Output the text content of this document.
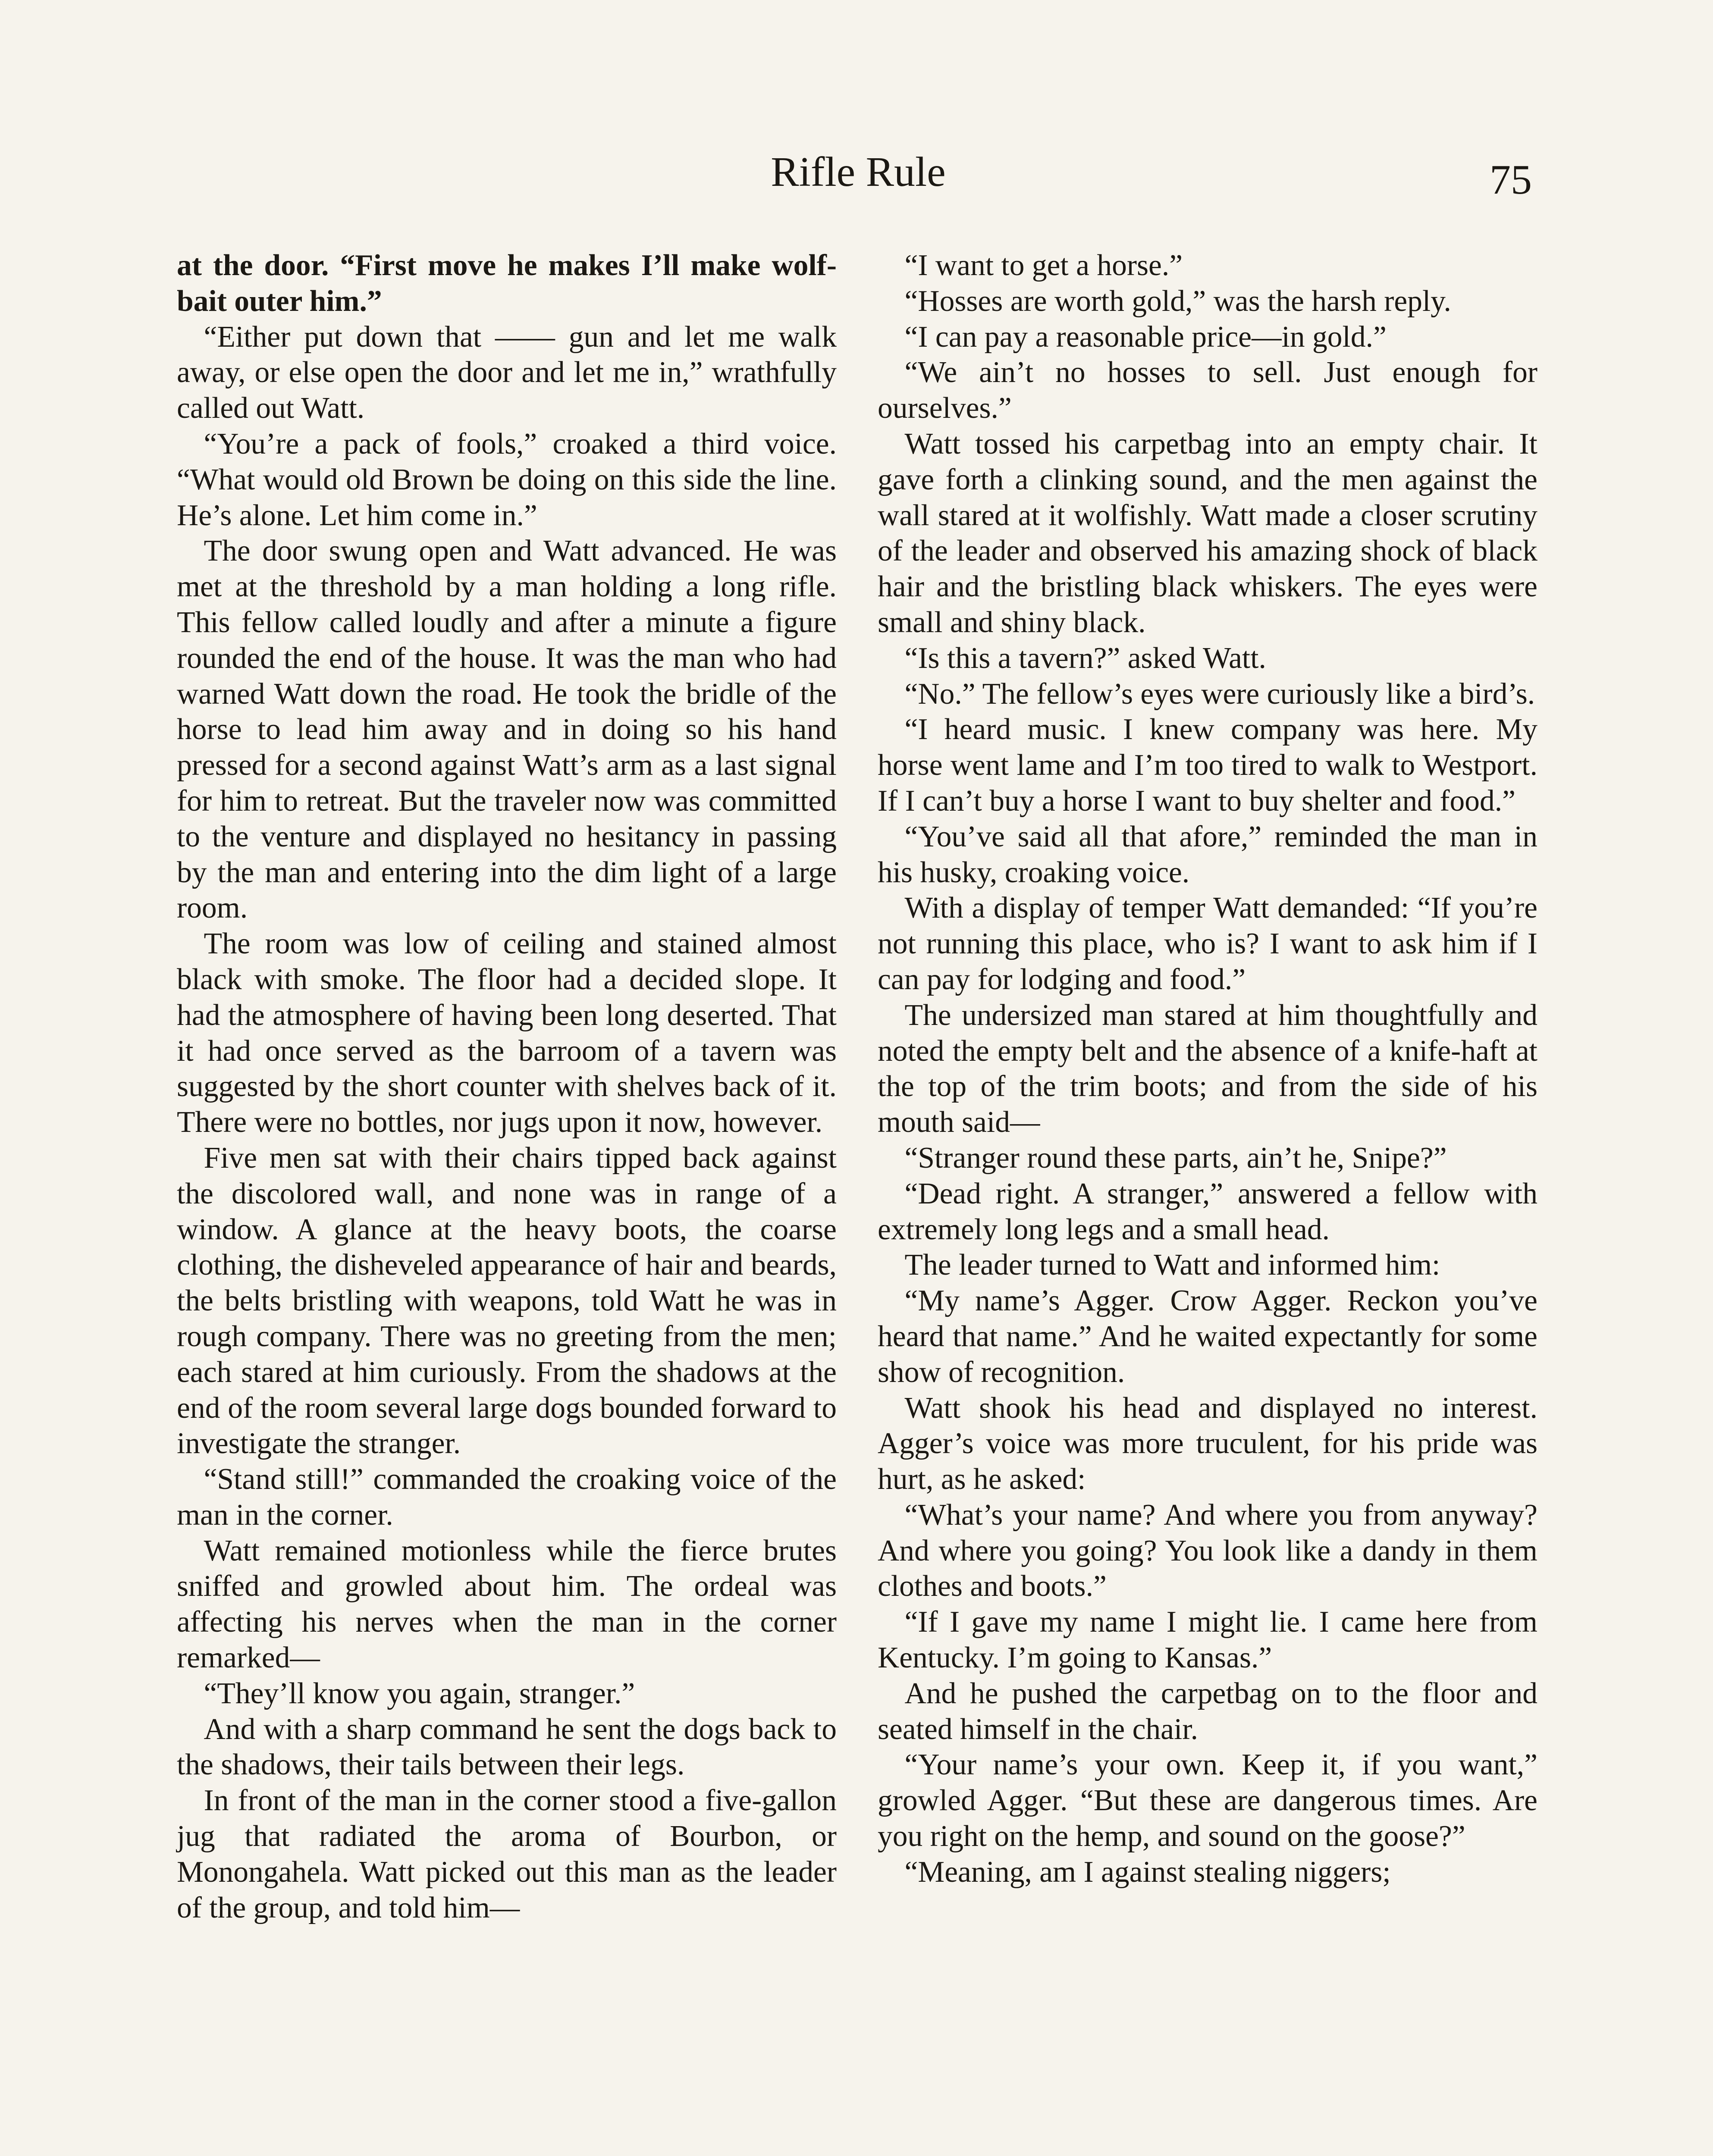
Rifle Rule	75

at the door. “First move he makes I’ll make wolf-bait outer him.”

“Either put down that —— gun and let me walk away, or else open the door and let me in,” wrathfully called out Watt.

“You’re a pack of fools,” croaked a third voice. “What would old Brown be doing on this side the line. He’s alone. Let him come in.”

The door swung open and Watt advanced. He was met at the threshold by a man holding a long rifle. This fellow called loudly and after a minute a figure rounded the end of the house. It was the man who had warned Watt down the road. He took the bridle of the horse to lead him away and in doing so his hand pressed for a second against Watt’s arm as a last signal for him to retreat. But the traveler now was committed to the venture and displayed no hesitancy in passing by the man and entering into the dim light of a large room.

The room was low of ceiling and stained almost black with smoke. The floor had a decided slope. It had the atmosphere of having been long deserted. That it had once served as the barroom of a tavern was suggested by the short counter with shelves back of it. There were no bottles, nor jugs upon it now, however.

Five men sat with their chairs tipped back against the discolored wall, and none was in range of a window. A glance at the heavy boots, the coarse clothing, the disheveled appearance of hair and beards, the belts bristling with weapons, told Watt he was in rough company. There was no greeting from the men; each stared at him curiously. From the shadows at the end of the room several large dogs bounded forward to investigate the stranger.

“Stand still!” commanded the croaking voice of the man in the corner.

Watt remained motionless while the fierce brutes sniffed and growled about him. The ordeal was affecting his nerves when the man in the corner remarked—

“They’ll know you again, stranger.”

And with a sharp command he sent the dogs back to the shadows, their tails between their legs.

In front of the man in the corner stood a five-gallon jug that radiated the aroma of Bourbon, or Monongahela. Watt picked out this man as the leader of the group, and told him—

“I want to get a horse.”

“Hosses are worth gold,” was the harsh reply.

“I can pay a reasonable price—in gold.”

“We ain’t no hosses to sell. Just enough for ourselves.”

Watt tossed his carpetbag into an empty chair. It gave forth a clinking sound, and the men against the wall stared at it wolfishly. Watt made a closer scrutiny of the leader and observed his amazing shock of black hair and the bristling black whiskers. The eyes were small and shiny black.

“Is this a tavern?” asked Watt.

“No.” The fellow’s eyes were curiously like a bird’s.

“I heard music. I knew company was here. My horse went lame and I’m too tired to walk to Westport. If I can’t buy a horse I want to buy shelter and food.”

“You’ve said all that afore,” reminded the man in his husky, croaking voice.

With a display of temper Watt demanded: “If you’re not running this place, who is? I want to ask him if I can pay for lodging and food.”

The undersized man stared at him thoughtfully and noted the empty belt and the absence of a knife-haft at the top of the trim boots; and from the side of his mouth said—

“Stranger round these parts, ain’t he, Snipe?”

“Dead right. A stranger,” answered a fellow with extremely long legs and a small head.

The leader turned to Watt and informed him:

“My name’s Agger. Crow Agger. Reckon you’ve heard that name.” And he waited expectantly for some show of recognition.

Watt shook his head and displayed no interest. Agger’s voice was more truculent, for his pride was hurt, as he asked:

“What’s your name? And where you from anyway? And where you going? You look like a dandy in them clothes and boots.”

“If I gave my name I might lie. I came here from Kentucky. I’m going to Kansas.”

And he pushed the carpetbag on to the floor and seated himself in the chair.

“Your name’s your own. Keep it, if you want,” growled Agger. “But these are dangerous times. Are you right on the hemp, and sound on the goose?”

“Meaning, am I against stealing niggers;
